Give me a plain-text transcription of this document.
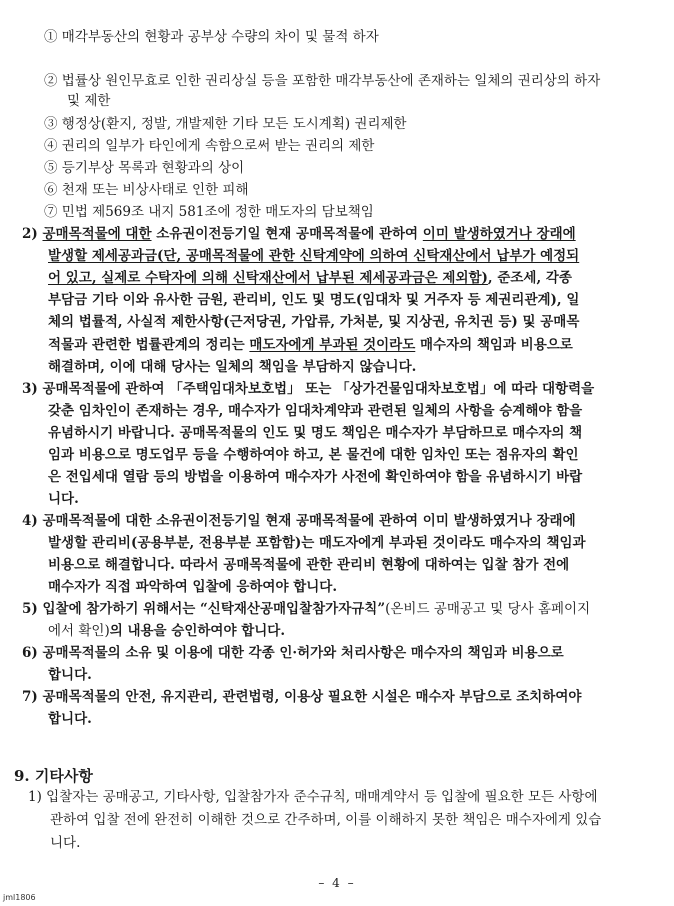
① 매각부동산의 현황과 공부상 수량의 차이 및 물적 하자
② 법률상 원인무효로 인한 권리상실 등을 포함한 매각부동산에 존재하는 일체의 권리상의 하자
및 제한
③ 행정상(환지, 정발, 개발제한 기타 모든 도시계획) 권리제한
④ 권리의 일부가 타인에게 속함으로써 받는 권리의 제한
⑤ 등기부상 목록과 현황과의 상이
⑥ 천재 또는 비상사태로 인한 피해
⑦ 민법 제569조 내지 581조에 정한 매도자의 담보책임
2) 공매목적물에 대한 소유권이전등기일 현재 공매목적물에 관하여 이미 발생하였거나 장래에
발생할 제세공과금(단, 공매목적물에 관한 신탁계약에 의하여 신탁재산에서 납부가 예정되
어 있고, 실제로 수탁자에 의해 신탁재산에서 납부된 제세공과금은 제외함), 준조세, 각종
부담금 기타 이와 유사한 금원, 관리비, 인도 및 명도(임대차 및 거주자 등 제권리관계), 일
체의 법률적, 사실적 제한사항(근저당권, 가압류, 가처분, 및 지상권, 유치권 등) 및 공매목
적물과 관련한 법률관계의 정리는 매도자에게 부과된 것이라도 매수자의 책임과 비용으로
해결하며, 이에 대해 당사는 일체의 책임을 부담하지 않습니다.
3) 공매목적물에 관하여 「주택임대차보호법」 또는 「상가건물임대차보호법」에 따라 대항력을
갖춘 임차인이 존재하는 경우, 매수자가 임대차계약과 관련된 일체의 사항을 승계해야 함을
유념하시기 바랍니다. 공매목적물의 인도 및 명도 책임은 매수자가 부담하므로 매수자의 책
임과 비용으로 명도업무 등을 수행하여야 하고, 본 물건에 대한 임차인 또는 점유자의 확인
은 전입세대 열람 등의 방법을 이용하여 매수자가 사전에 확인하여야 함을 유념하시기 바랍
니다.
4) 공매목적물에 대한 소유권이전등기일 현재 공매목적물에 관하여 이미 발생하였거나 장래에
발생할 관리비(공용부분, 전용부분 포함함)는 매도자에게 부과된 것이라도 매수자의 책임과
비용으로 해결합니다. 따라서 공매목적물에 관한 관리비 현황에 대하여는 입찰 참가 전에
매수자가 직접 파악하여 입찰에 응하여야 합니다.
5) 입찰에 참가하기 위해서는 “신탁재산공매입찰참가자규칙”(온비드 공매공고 및 당사 홈페이지
에서 확인)의 내용을 승인하여야 합니다.
6) 공매목적물의 소유 및 이용에 대한 각종 인·허가와 처리사항은 매수자의 책임과 비용으로
합니다.
7) 공매목적물의 안전, 유지관리, 관련법령, 이용상 필요한 시설은 매수자 부담으로 조치하여야
합니다.
9. 기타사항
– 4 –
jml1806
1) 입찰자는 공매공고, 기타사항, 입찰참가자 준수규칙, 매매계약서 등 입찰에 필요한 모든 사항에
관하여 입찰 전에 완전히 이해한 것으로 간주하며, 이를 이해하지 못한 책임은 매수자에게 있습
니다.
